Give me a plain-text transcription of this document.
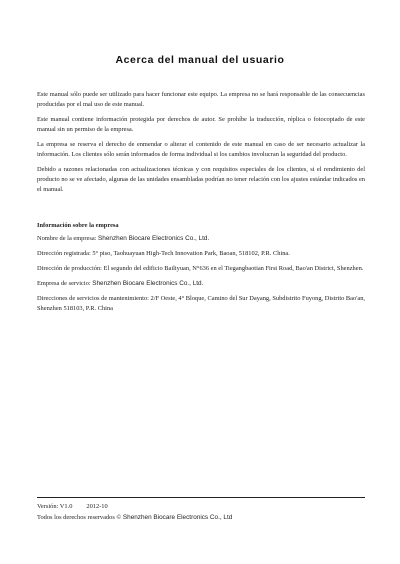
Acerca del manual del usuario

Este manual sólo puede ser utilizado para hacer funcionar este equipo. La empresa no se hará responsable de las consecuencias producidas por el mal uso de este manual.

Este manual contiene información protegida por derechos de autor. Se prohíbe la traducción, réplica o fotocopiado de este manual sin un permiso de la empresa.

La empresa se reserva el derecho de enmendar o alterar el contenido de este manual en caso de ser necesario actualizar la información. Los clientes sólo serán informados de forma individual si los cambios involucran la seguridad del producto.

Debido a razones relacionadas con actualizaciones técnicas y con requisitos especiales de los clientes, si el rendimiento del producto no se ve afectado, algunas de las unidades ensambladas podrían no tener relación con los ajustes estándar indicados en el manual.

Información sobre la empresa

Nombre de la empresa: Shenzhen Biocare Electronics Co., Ltd.

Dirección registrada: 5° piso, Taohuayuan High-Tech Innovation Park, Baoan, 518102, P.R. China.

Dirección de producción: El segundo del edificio Bailiyuan, N°636 en el Tiegangbaotian First Road, Bao'an District, Shenzhen.

Empresa de servicio: Shenzhen Biocare Electronics Co., Ltd.

Direcciones de servicios de mantenimiento: 2/F Oeste, 4° Bloque, Camino del Sur Dayang, Subdistrito Fuyong, Distrito Bao'an, Shenzhen 518103, P.R. China

Versión: V1.0 2012-10
Todos los derechos reservados © Shenzhen Biocare Electronics Co., Ltd
